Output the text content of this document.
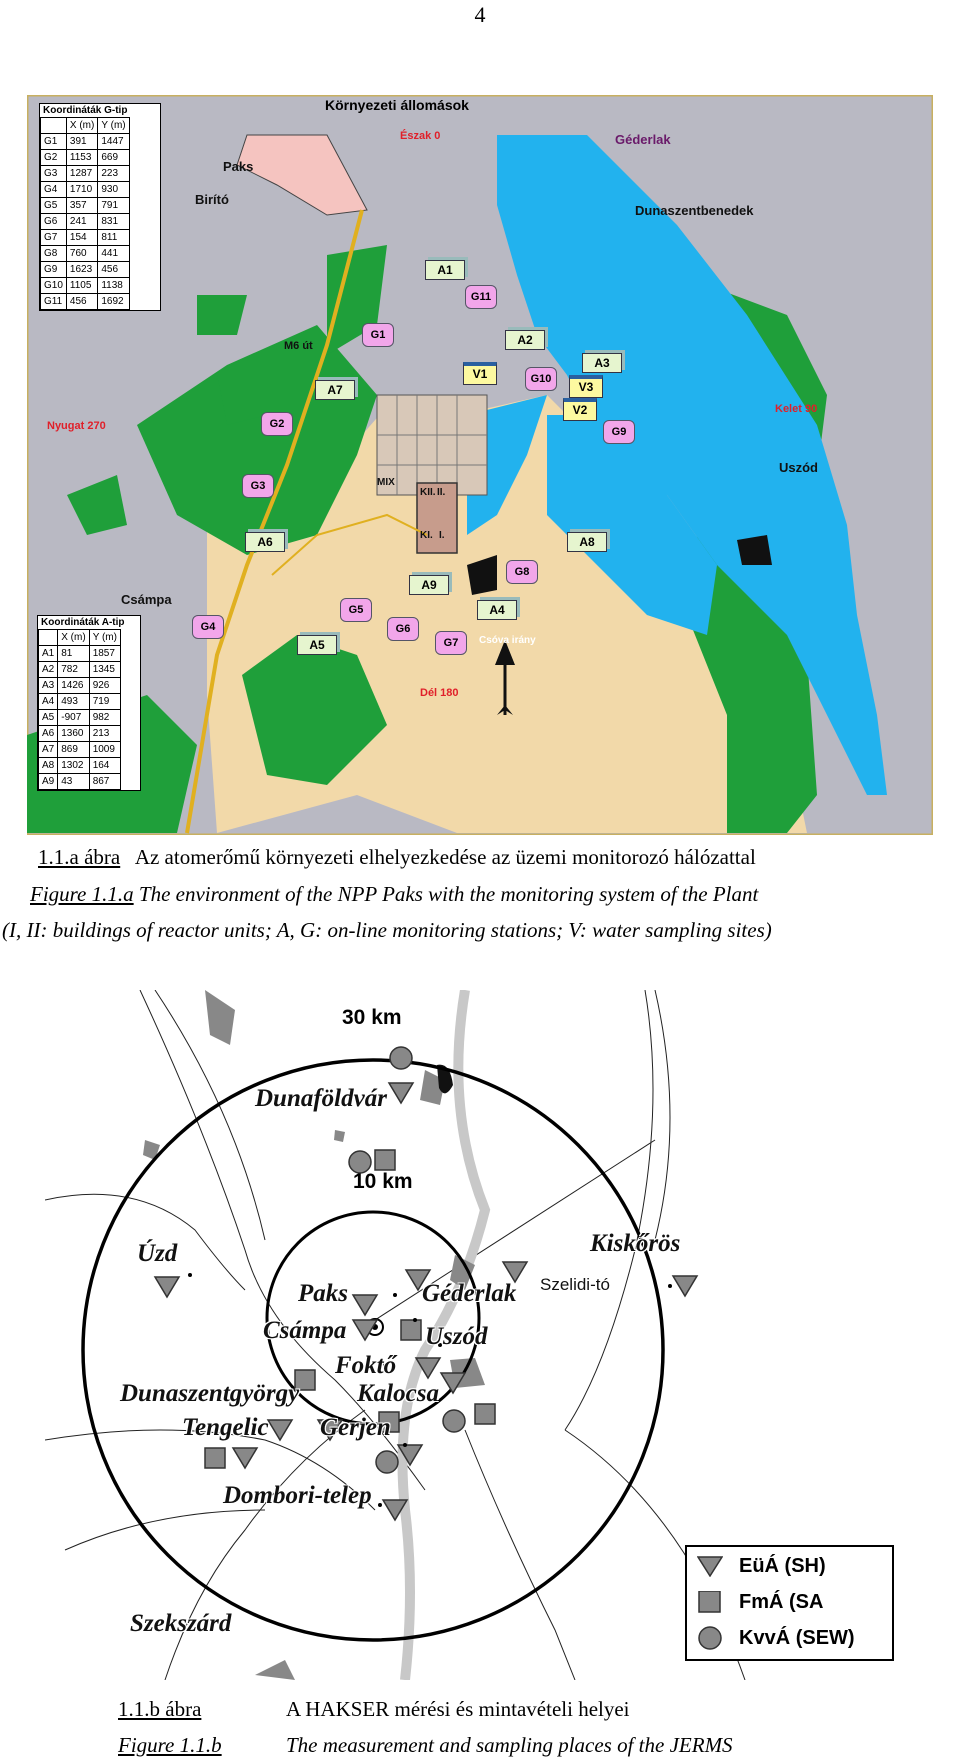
4
Környezeti állomások
Koordináták G-tip
	X (m)	Y (m)
G1	391	1447
G2	1153	669
G3	1287	223
G4	1710	930
G5	357	791
G6	241	831
G7	154	811
G8	760	441
G9	1623	456
G10	1105	1138
G11	456	1692
Koordináták A-tip
	X (m)	Y (m)
A1	81	1857
A2	782	1345
A3	1426	926
A4	493	719
A5	-907	982
A6	1360	213
A7	869	1009
A8	1302	164
A9	43	867
Észak 0
Dél 180
Kelet 90
Nyugat 270
Géderlak
Dunaszentbenedek
Paks
Birító
M6 út
Uszód
Csámpa
Csóva irány
MIX
KII. II.
KI. I.
A1
A2
A3
A4
A5
A6
A7
A8
A9
G1
G2
G3
G4
G5
G6
G7
G8
G9
G10
G11
V1
V2
V3
1.1.a ábra Az atomerőmű környezeti elhelyezkedése az üzemi monitorozó hálózattal
Figure 1.1.a The environment of the NPP Paks with the monitoring system of the Plant
(I, II: buildings of reactor units; A, G: on-line monitoring stations; V: water sampling sites)
30 km
10 km
Dunaföldvár
Úzd	Kiskőrös
Szelidi-tó
Paks	Géderlak
Csámpa	Uszód
Foktő
Kalocsa
Dunaszentgyörgy
Tengelic Gerjen
Dombori-telep
Szekszárd
EüÁ (SH)
FmÁ (SA
KvvÁ (SEW)
1.1.b ábra	A HAKSER mérési és mintavételi helyei
Figure 1.1.b	The measurement and sampling places of the JERMS
